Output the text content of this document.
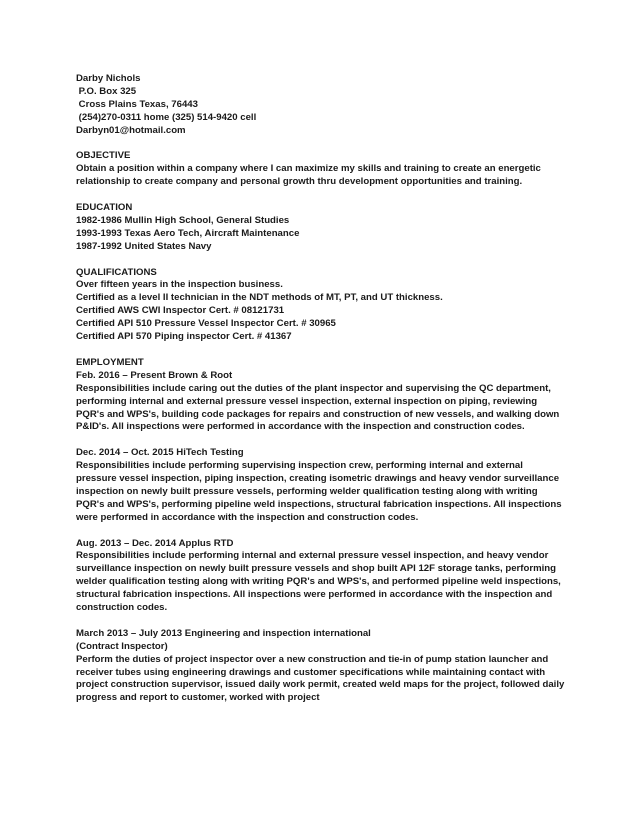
Darby Nichols
P.O. Box 325
Cross Plains Texas, 76443
(254)270-0311 home (325) 514-9420 cell
Darbyn01@hotmail.com
OBJECTIVE
Obtain a position within a company where I can maximize my skills and training to create an energetic relationship to create company and personal growth thru development opportunities and training.
EDUCATION
1982-1986 Mullin High School, General Studies
1993-1993 Texas Aero Tech, Aircraft Maintenance
1987-1992 United States Navy
QUALIFICATIONS
Over fifteen years in the inspection business.
Certified as a level II technician in the NDT methods of MT, PT, and UT thickness.
Certified AWS CWI Inspector Cert. # 08121731
Certified API 510 Pressure Vessel Inspector Cert. # 30965
Certified API 570 Piping inspector Cert. # 41367
EMPLOYMENT
Feb. 2016 – Present Brown & Root
Responsibilities include caring out the duties of the plant inspector and supervising the QC department, performing internal and external pressure vessel inspection, external inspection on piping, reviewing PQR's and WPS's, building code packages for repairs and construction of new vessels, and walking down P&ID's. All inspections were performed in accordance with the inspection and construction codes.
Dec. 2014 – Oct. 2015 HiTech Testing
Responsibilities include performing supervising inspection crew, performing internal and external pressure vessel inspection, piping inspection, creating isometric drawings and heavy vendor surveillance inspection on newly built pressure vessels, performing welder qualification testing along with writing PQR's and WPS's, performing pipeline weld inspections, structural fabrication inspections. All inspections were performed in accordance with the inspection and construction codes.
Aug. 2013 – Dec. 2014 Applus RTD
Responsibilities include performing internal and external pressure vessel inspection, and heavy vendor surveillance inspection on newly built pressure vessels and shop built API 12F storage tanks, performing welder qualification testing along with writing PQR's and WPS's, and performed pipeline weld inspections, structural fabrication inspections. All inspections were performed in accordance with the inspection and construction codes.
March 2013 – July 2013 Engineering and inspection international
(Contract Inspector)
Perform the duties of project inspector over a new construction and tie-in of pump station launcher and receiver tubes using engineering drawings and customer specifications while maintaining contact with project construction supervisor, issued daily work permit, created weld maps for the project, followed daily progress and report to customer, worked with project
